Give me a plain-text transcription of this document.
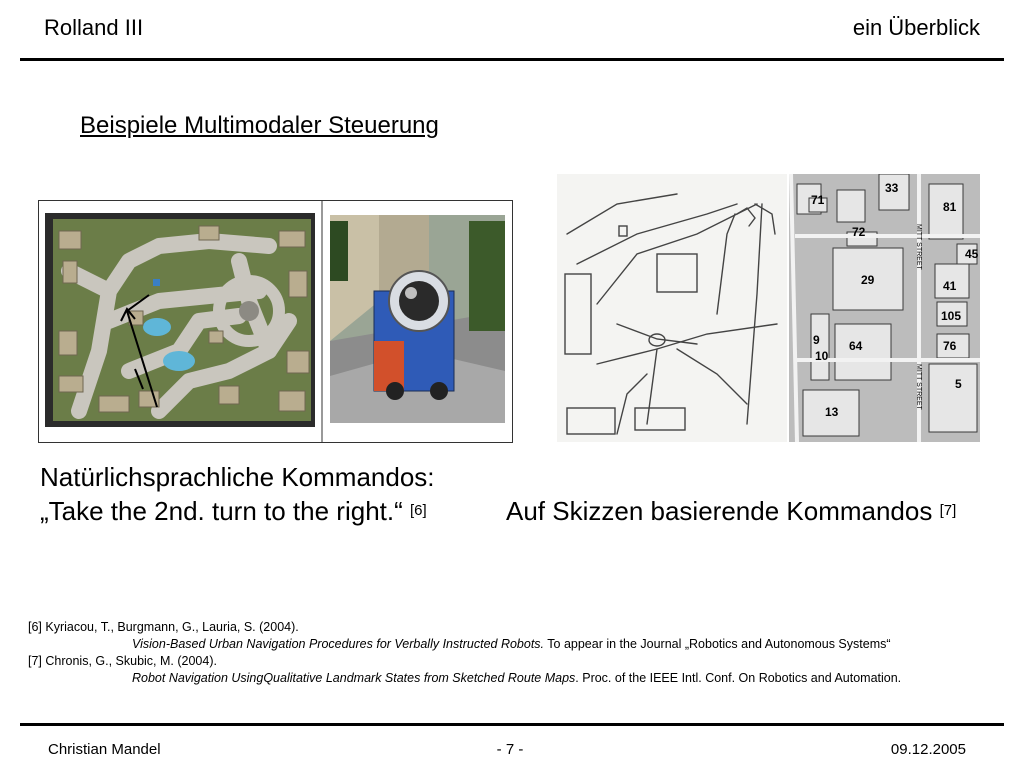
Rolland III	ein Überblick
Beispiele Multimodaler Steuerung
33
81
71
72
29	41
45
105
9 64
10
76
5
13
MITT STREET
MITT STREET
Natürlichsprachliche Kommandos:
„Take the 2nd. turn to the right.“ [6]	Auf Skizzen basierende Kommandos [7]
[6] Kyriacou, T., Burgmann, G., Lauria, S. (2004).
Vision-Based Urban Navigation Procedures for Verbally Instructed Robots. To appear in the Journal „Robotics and Autonomous Systems“
[7] Chronis, G., Skubic, M. (2004).
Robot Navigation UsingQualitative Landmark States from Sketched Route Maps. Proc. of the IEEE Intl. Conf. On Robotics and Automation.
Christian Mandel	- 7 -	09.12.2005
